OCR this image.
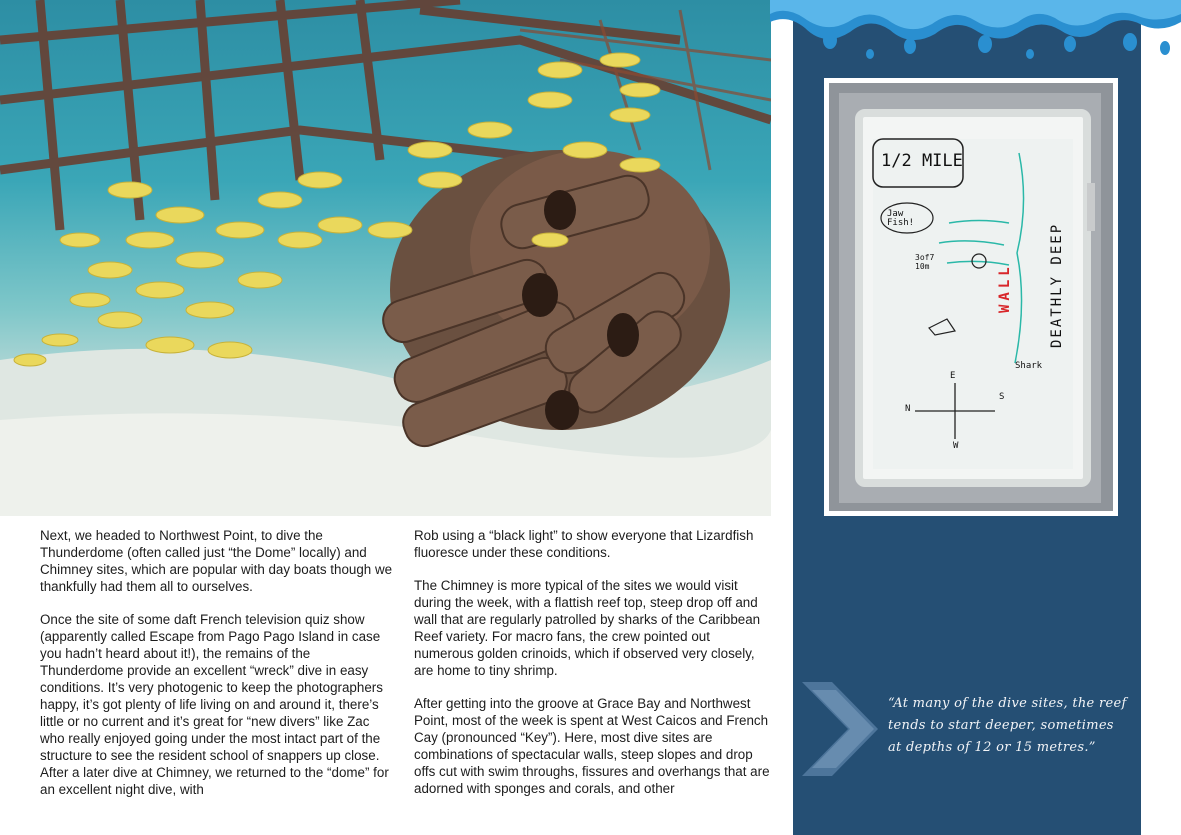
Next, we headed to Northwest Point, to dive the Thunderdome (often called just “the Dome” locally) and Chimney sites, which are popular with day boats though we thankfully had them all to ourselves.

Once the site of some daft French television quiz show (apparently called Escape from Pago Pago Island in case you hadn’t heard about it!), the remains of the Thunderdome provide an excellent “wreck” dive in easy conditions. It’s very photogenic to keep the photographers happy, it’s got plenty of life living on and around it, there’s little or no current and it’s great for “new divers” like Zac who really enjoyed going under the most intact part of the structure to see the resident school of snappers up close. After a later dive at Chimney, we returned to the “dome” for an excellent night dive, with

Rob using a “black light” to show everyone that Lizardfish fluoresce under these conditions.

The Chimney is more typical of the sites we would visit during the week, with a flattish reef top, steep drop off and wall that are regularly patrolled by sharks of the Caribbean Reef variety. For macro fans, the crew pointed out numerous golden crinoids, which if observed very closely, are home to tiny shrimp.

After getting into the groove at Grace Bay and Northwest Point, most of the week is spent at West Caicos and French Cay (pronounced “Key”). Here, most dive sites are combinations of spectacular walls, steep slopes and drop offs cut with swim throughs, fissures and overhangs that are adorned with sponges and corals, and other

1/2 MILE
Jaw Fish!
3of7 10m
Shark
WALL	DEATHLY DEEP
E
N
S
W
“At many of the dive sites, the reef tends to start deeper, sometimes at depths of 12 or 15 metres.”
